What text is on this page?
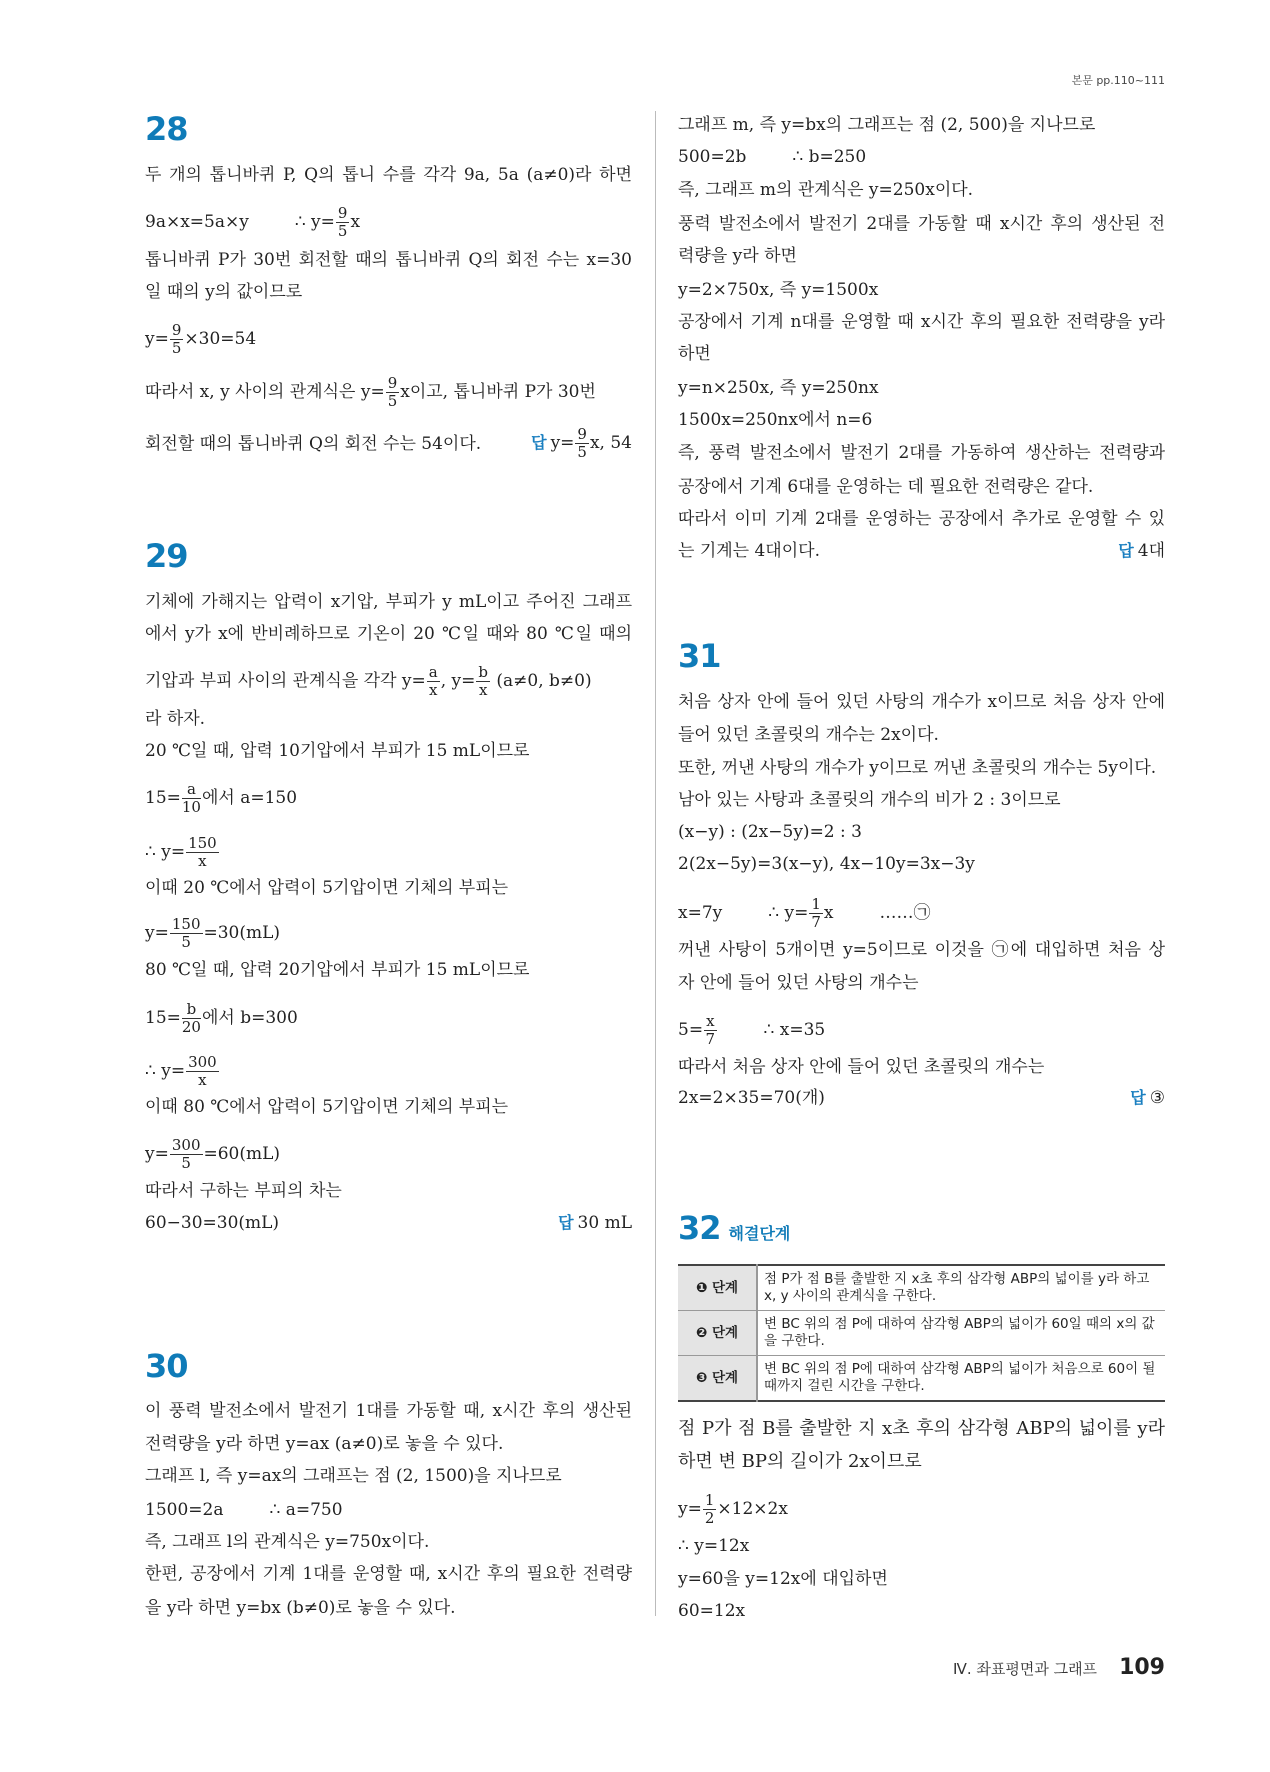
본문 pp.110~111
28
두 개의 톱니바퀴 P, Q의 톱니 수를 각각 9a, 5a (a≠0)라 하면
9a×x=5a×y	∴ $y= \frac{9}{5}$ x
톱니바퀴 P가 30번 회전할 때의 톱니바퀴 Q의 회전 수는 x=30
일 때의 y의 값이므로
$y= \frac{9}{5} \times 30=54$
따라서 x, y 사이의 관계식은 $y= \frac{9}{5}$ x이고, 톱니바퀴 P가 30번
회전할 때의 톱니바퀴 Q의 회전 수는 54이다.	답 $y= \frac{9}{5} x$, 54
29
기체에 가해지는 압력이 x기압, 부피가 y mL이고 주어진 그래프
에서 y가 x에 반비례하므로 기온이 20 ℃일 때와 80 ℃일 때의
기압과 부피 사이의 관계식을 각각 $y= \frac{a}{x}$ , $y= \frac{b}{x} (a\ne 0$, b≠0)
라 하자.
20 ℃일 때, 압력 10기압에서 부피가 15 mL이므로
$15= \frac{a}{10}$ 에서 a=150
∴ $y= \frac{150}{x}$
이때 20 ℃에서 압력이 5기압이면 기체의 부피는
$y= \frac{150}{5} =30(mL)$
80 ℃일 때, 압력 20기압에서 부피가 15 mL이므로
$15= \frac{b}{20}$ 에서 b=300
∴ $y= \frac{300}{x}$
이때 80 ℃에서 압력이 5기압이면 기체의 부피는
$y= \frac{300}{5} =60(mL)$
따라서 구하는 부피의 차는
60−30=30(mL)	답 30 mL
30
이 풍력 발전소에서 발전기 1대를 가동할 때, x시간 후의 생산된
전력량을 y라 하면 y=ax (a≠0)로 놓을 수 있다.
그래프 l, 즉 y=ax의 그래프는 점 (2, 1500)을 지나므로
1500=2a	∴ a=750
즉, 그래프 l의 관계식은 y=750x이다.
한편, 공장에서 기계 1대를 운영할 때, x시간 후의 필요한 전력량
을 y라 하면 y=bx (b≠0)로 놓을 수 있다.
그래프 m, 즉 y=bx의 그래프는 점 (2, 500)을 지나므로
500=2b	∴ b=250
즉, 그래프 m의 관계식은 y=250x이다.
풍력 발전소에서 발전기 2대를 가동할 때 x시간 후의 생산된 전
력량을 y라 하면
y=2×750x, 즉 y=1500x
공장에서 기계 n대를 운영할 때 x시간 후의 필요한 전력량을 y라
하면
y=n×250x, 즉 y=250nx
1500x=250nx에서 n=6
즉, 풍력 발전소에서 발전기 2대를 가동하여 생산하는 전력량과
공장에서 기계 6대를 운영하는 데 필요한 전력량은 같다.
따라서 이미 기계 2대를 운영하는 공장에서 추가로 운영할 수 있
는 기계는 4대이다.	답 4대
31
처음 상자 안에 들어 있던 사탕의 개수가 x이므로 처음 상자 안에
들어 있던 초콜릿의 개수는 2x이다.
또한, 꺼낸 사탕의 개수가 y이므로 꺼낸 초콜릿의 개수는 5y이다.
남아 있는 사탕과 초콜릿의 개수의 비가 2 : 3이므로
(x−y) : (2x−5y)=2 : 3
2(2x−5y)=3(x−y), 4x−10y=3x−3y
x=7y	∴ $y= \frac{1}{7}$ x	……㉠
꺼낸 사탕이 5개이면 y=5이므로 이것을 ㉠에 대입하면 처음 상
자 안에 들어 있던 사탕의 개수는
$5= \frac{x}{7}$	∴ x=35
따라서 처음 상자 안에 들어 있던 초콜릿의 개수는
2x=2×35=70(개)	답 ③
32 해결단계
❶ 단계	점 P가 점 B를 출발한 지 x초 후의 삼각형 ABP의 넓이를 y라 하고 x, y 사이의 관계식을 구한다.
❷ 단계	변 BC 위의 점 P에 대하여 삼각형 ABP의 넓이가 60일 때의 x의 값을 구한다.
❸ 단계	변 BC 위의 점 P에 대하여 삼각형 ABP의 넓이가 처음으로 60이 될 때까지 걸린 시간을 구한다.
점 P가 점 B를 출발한 지 x초 후의 삼각형 ABP의 넓이를 y라
하면 변 BP의 길이가 2x이므로
$y= \frac{1}{2} \times 12\times 2x$
∴ y=12x
y=60을 y=12x에 대입하면
60=12x
Ⅳ. 좌표평면과 그래프 109
